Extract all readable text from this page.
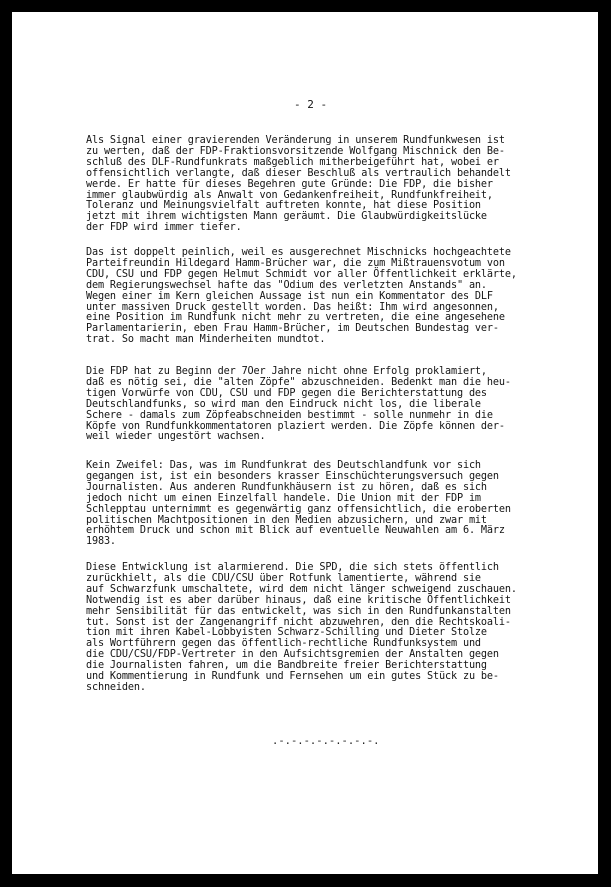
- 2 -
Als Signal einer gravierenden Veränderung in unserem Rundfunkwesen ist
zu werten, daß der FDP-Fraktionsvorsitzende Wolfgang Mischnick den Be-
schluß des DLF-Rundfunkrats maßgeblich mitherbeigeführt hat, wobei er
offensichtlich verlangte, daß dieser Beschluß als vertraulich behandelt
werde. Er hatte für dieses Begehren gute Gründe: Die FDP, die bisher
immer glaubwürdig als Anwalt von Gedankenfreiheit, Rundfunkfreiheit,
Toleranz und Meinungsvielfalt auftreten konnte, hat diese Position
jetzt mit ihrem wichtigsten Mann geräumt. Die Glaubwürdigkeitslücke
der FDP wird immer tiefer.
Das ist doppelt peinlich, weil es ausgerechnet Mischnicks hochgeachtete
Parteifreundin Hildegard Hamm-Brücher war, die zum Mißtrauensvotum von
CDU, CSU und FDP gegen Helmut Schmidt vor aller Öffentlichkeit erklärte,
dem Regierungswechsel hafte das "Odium des verletzten Anstands" an.
Wegen einer im Kern gleichen Aussage ist nun ein Kommentator des DLF
unter massiven Druck gestellt worden. Das heißt: Ihm wird angesonnen,
eine Position im Rundfunk nicht mehr zu vertreten, die eine angesehene
Parlamentarierin, eben Frau Hamm-Brücher, im Deutschen Bundestag ver-
trat. So macht man Minderheiten mundtot.
Die FDP hat zu Beginn der 7Oer Jahre nicht ohne Erfolg proklamiert,
daß es nötig sei, die "alten Zöpfe" abzuschneiden. Bedenkt man die heu-
tigen Vorwürfe von CDU, CSU und FDP gegen die Berichterstattung des
Deutschlandfunks, so wird man den Eindruck nicht los, die liberale
Schere - damals zum Zöpfeabschneiden bestimmt - solle nunmehr in die
Köpfe von Rundfunkkommentatoren plaziert werden. Die Zöpfe können der-
weil wieder ungestört wachsen.
Kein Zweifel: Das, was im Rundfunkrat des Deutschlandfunk vor sich
gegangen ist, ist ein besonders krasser Einschüchterungsversuch gegen
Journalisten. Aus anderen Rundfunkhäusern ist zu hören, daß es sich
jedoch nicht um einen Einzelfall handele. Die Union mit der FDP im
Schlepptau unternimmt es gegenwärtig ganz offensichtlich, die eroberten
politischen Machtpositionen in den Medien abzusichern, und zwar mit
erhöhtem Druck und schon mit Blick auf eventuelle Neuwahlen am 6. März
1983.
Diese Entwicklung ist alarmierend. Die SPD, die sich stets öffentlich
zurückhielt, als die CDU/CSU über Rotfunk lamentierte, während sie
auf Schwarzfunk umschaltete, wird dem nicht länger schweigend zuschauen.
Notwendig ist es aber darüber hinaus, daß eine kritische Öffentlichkeit
mehr Sensibilität für das entwickelt, was sich in den Rundfunkanstalten
tut. Sonst ist der Zangenangriff nicht abzuwehren, den die Rechtskoali-
tion mit ihren Kabel-Lobbyisten Schwarz-Schilling und Dieter Stolze
als Wortführern gegen das öffentlich-rechtliche Rundfunksystem und
die CDU/CSU/FDP-Vertreter in den Aufsichtsgremien der Anstalten gegen
die Journalisten fahren, um die Bandbreite freier Berichterstattung
und Kommentierung in Rundfunk und Fernsehen um ein gutes Stück zu be-
schneiden.
.-.-.-.-.-.-.-.-.
